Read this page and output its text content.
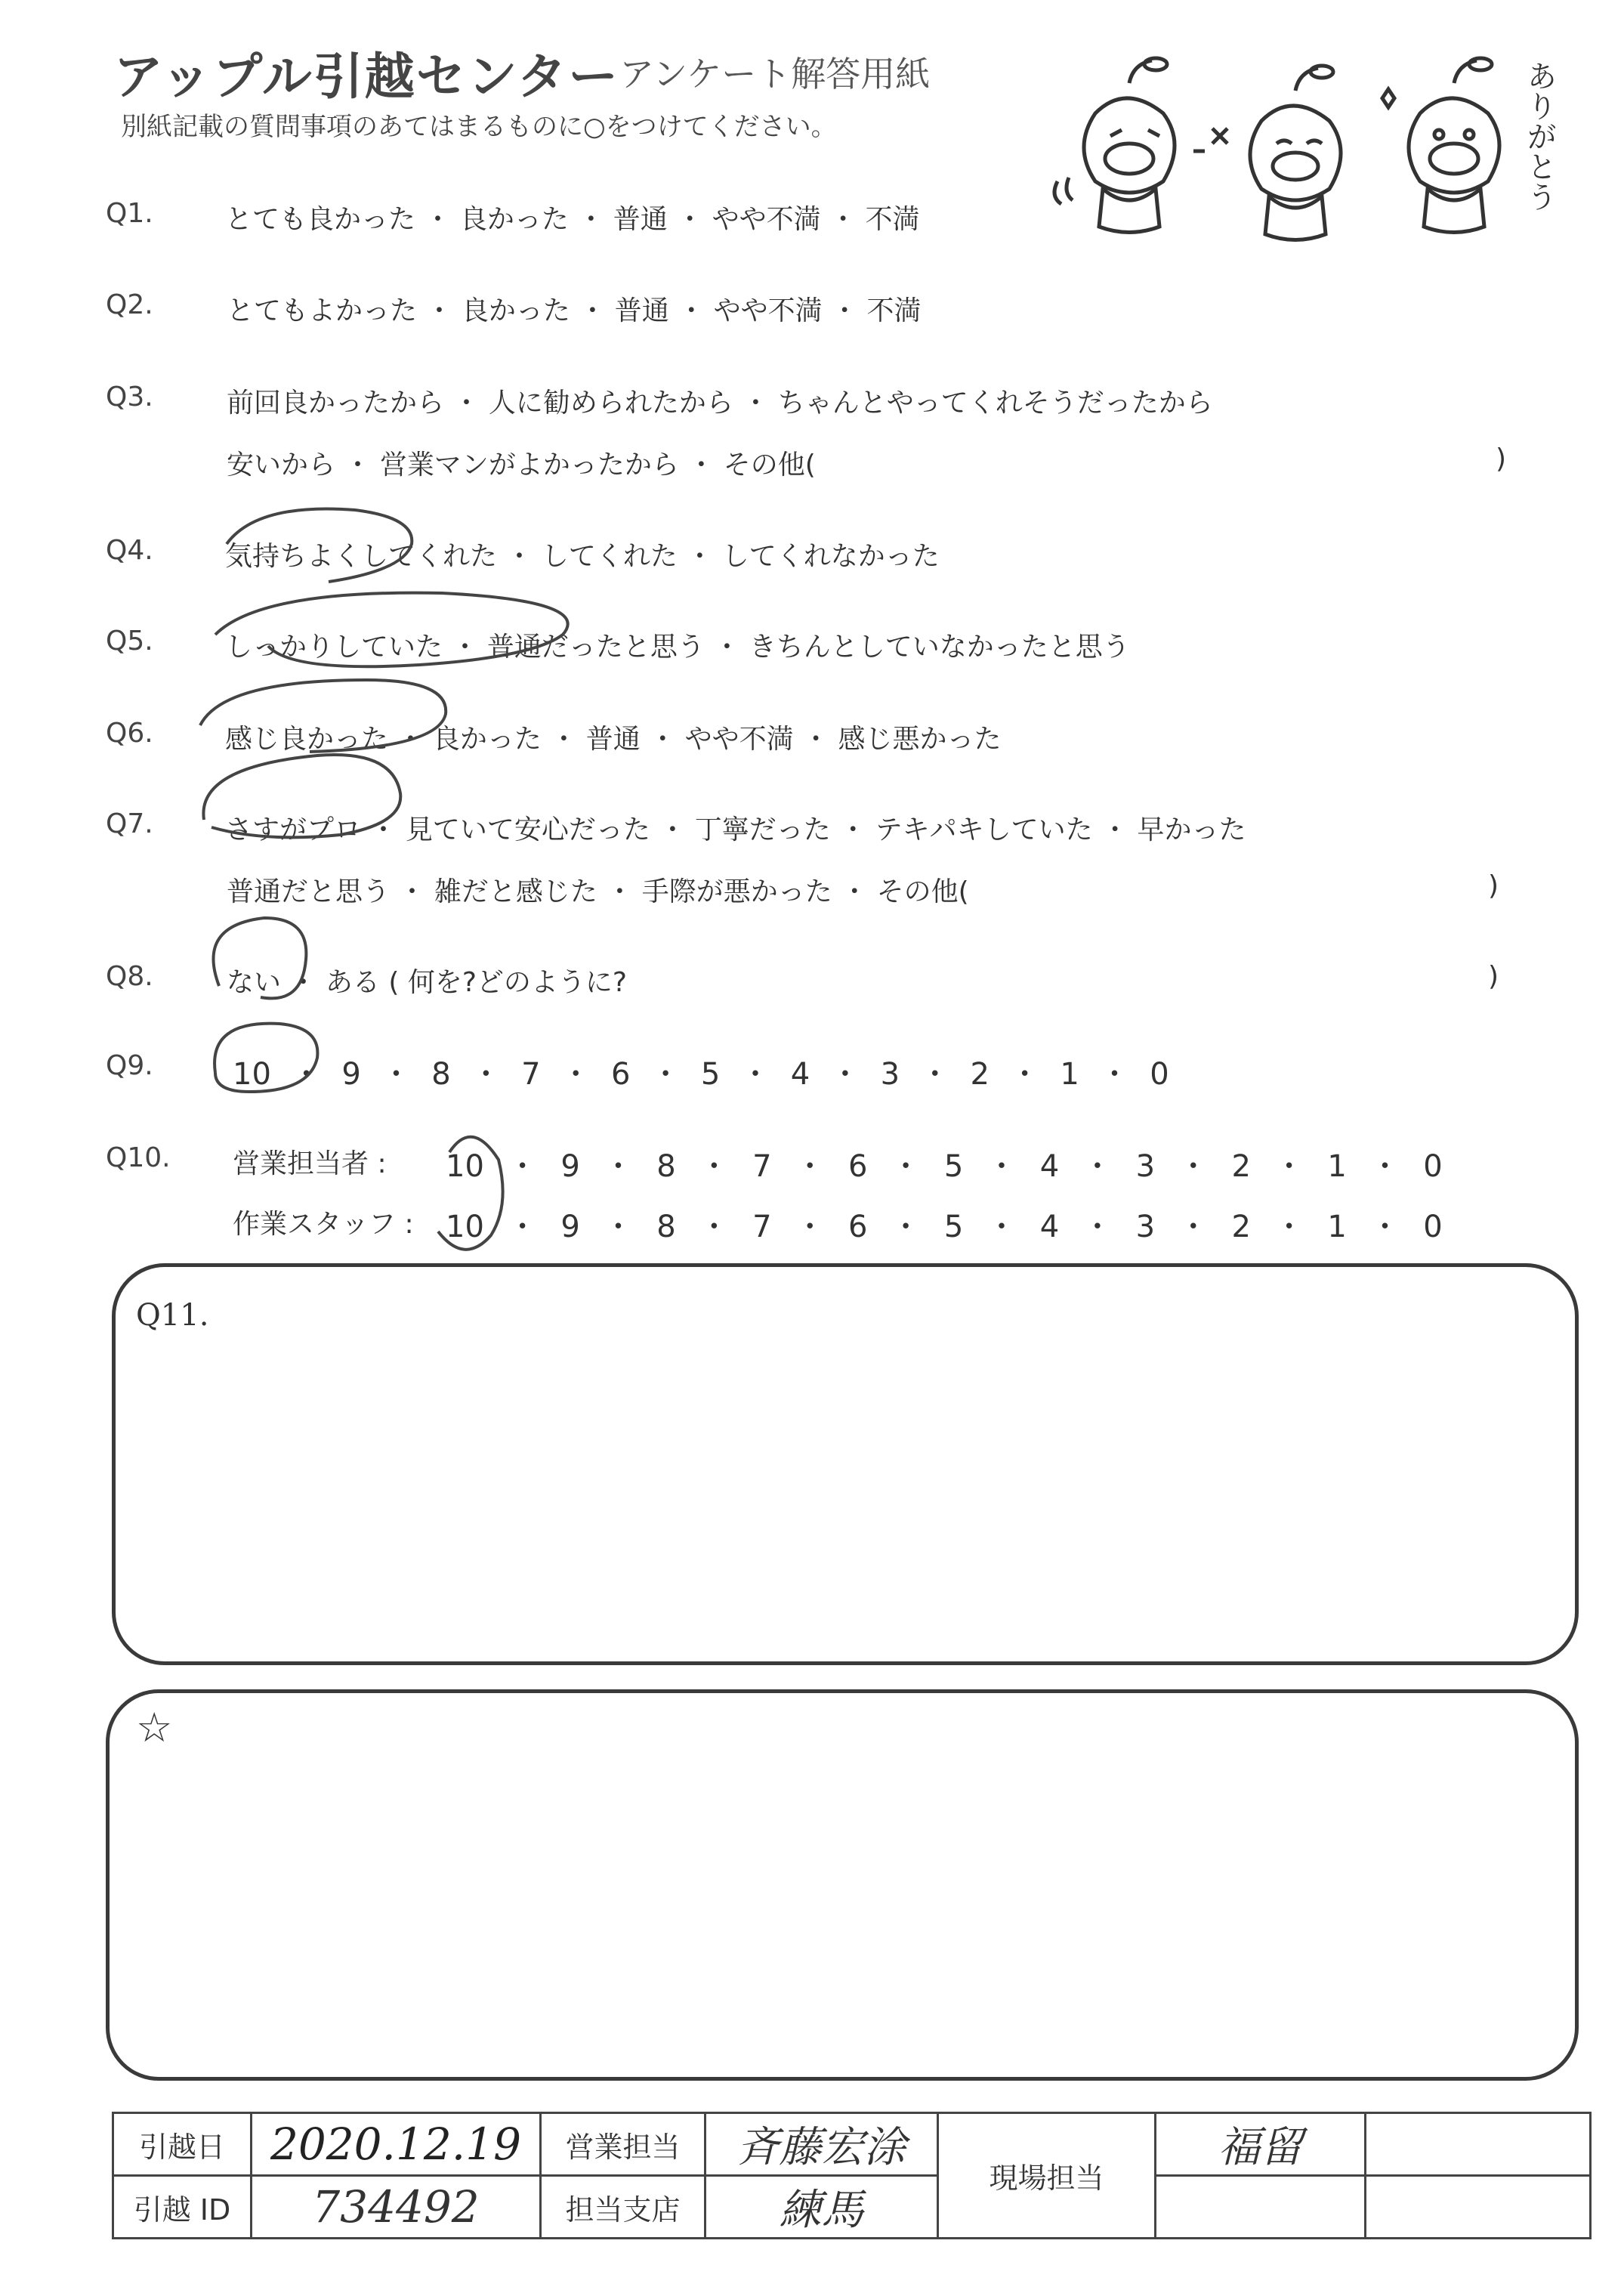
アップル引越センター アンケート解答用紙
別紙記載の質問事項のあてはまるものに○をつけてください。	ありがとう
Q1.	とても良かった ・ 良かった ・ 普通 ・ やや不満 ・ 不満
Q2.	とてもよかった ・ 良かった ・ 普通 ・ やや不満 ・ 不満
Q3.	前回良かったから ・ 人に勧められたから ・ ちゃんとやってくれそうだったから
安いから ・ 営業マンがよかったから ・ その他(	)
Q4.	気持ちよくしてくれた ・ してくれた ・ してくれなかった
Q5.	しっかりしていた ・ 普通だったと思う ・ きちんとしていなかったと思う
Q6.	感じ良かった ・ 良かった ・ 普通 ・ やや不満 ・ 感じ悪かった
Q7.	さすがプロ ・ 見ていて安心だった ・ 丁寧だった ・ テキパキしていた ・ 早かった
普通だと思う ・ 雑だと感じた ・ 手際が悪かった ・ その他(	)
Q8.	ない ・ ある ( 何を?どのように?	)
Q9.	10 ・ 9 ・ 8 ・ 7 ・ 6 ・ 5 ・ 4 ・ 3 ・ 2 ・ 1 ・ 0
Q10. 営業担当者 : 10 ・ 9 ・ 8 ・ 7 ・ 6 ・ 5 ・ 4 ・ 3 ・ 2 ・ 1 ・ 0
作業スタッフ : 10 ・ 9 ・ 8 ・ 7 ・ 6 ・ 5 ・ 4 ・ 3 ・ 2 ・ 1 ・ 0
Q11.
☆
引越日	2020.12.19	営業担当	斉藤宏涂	現場担当	福留	
引越 ID	734492	担当支店	練馬			
